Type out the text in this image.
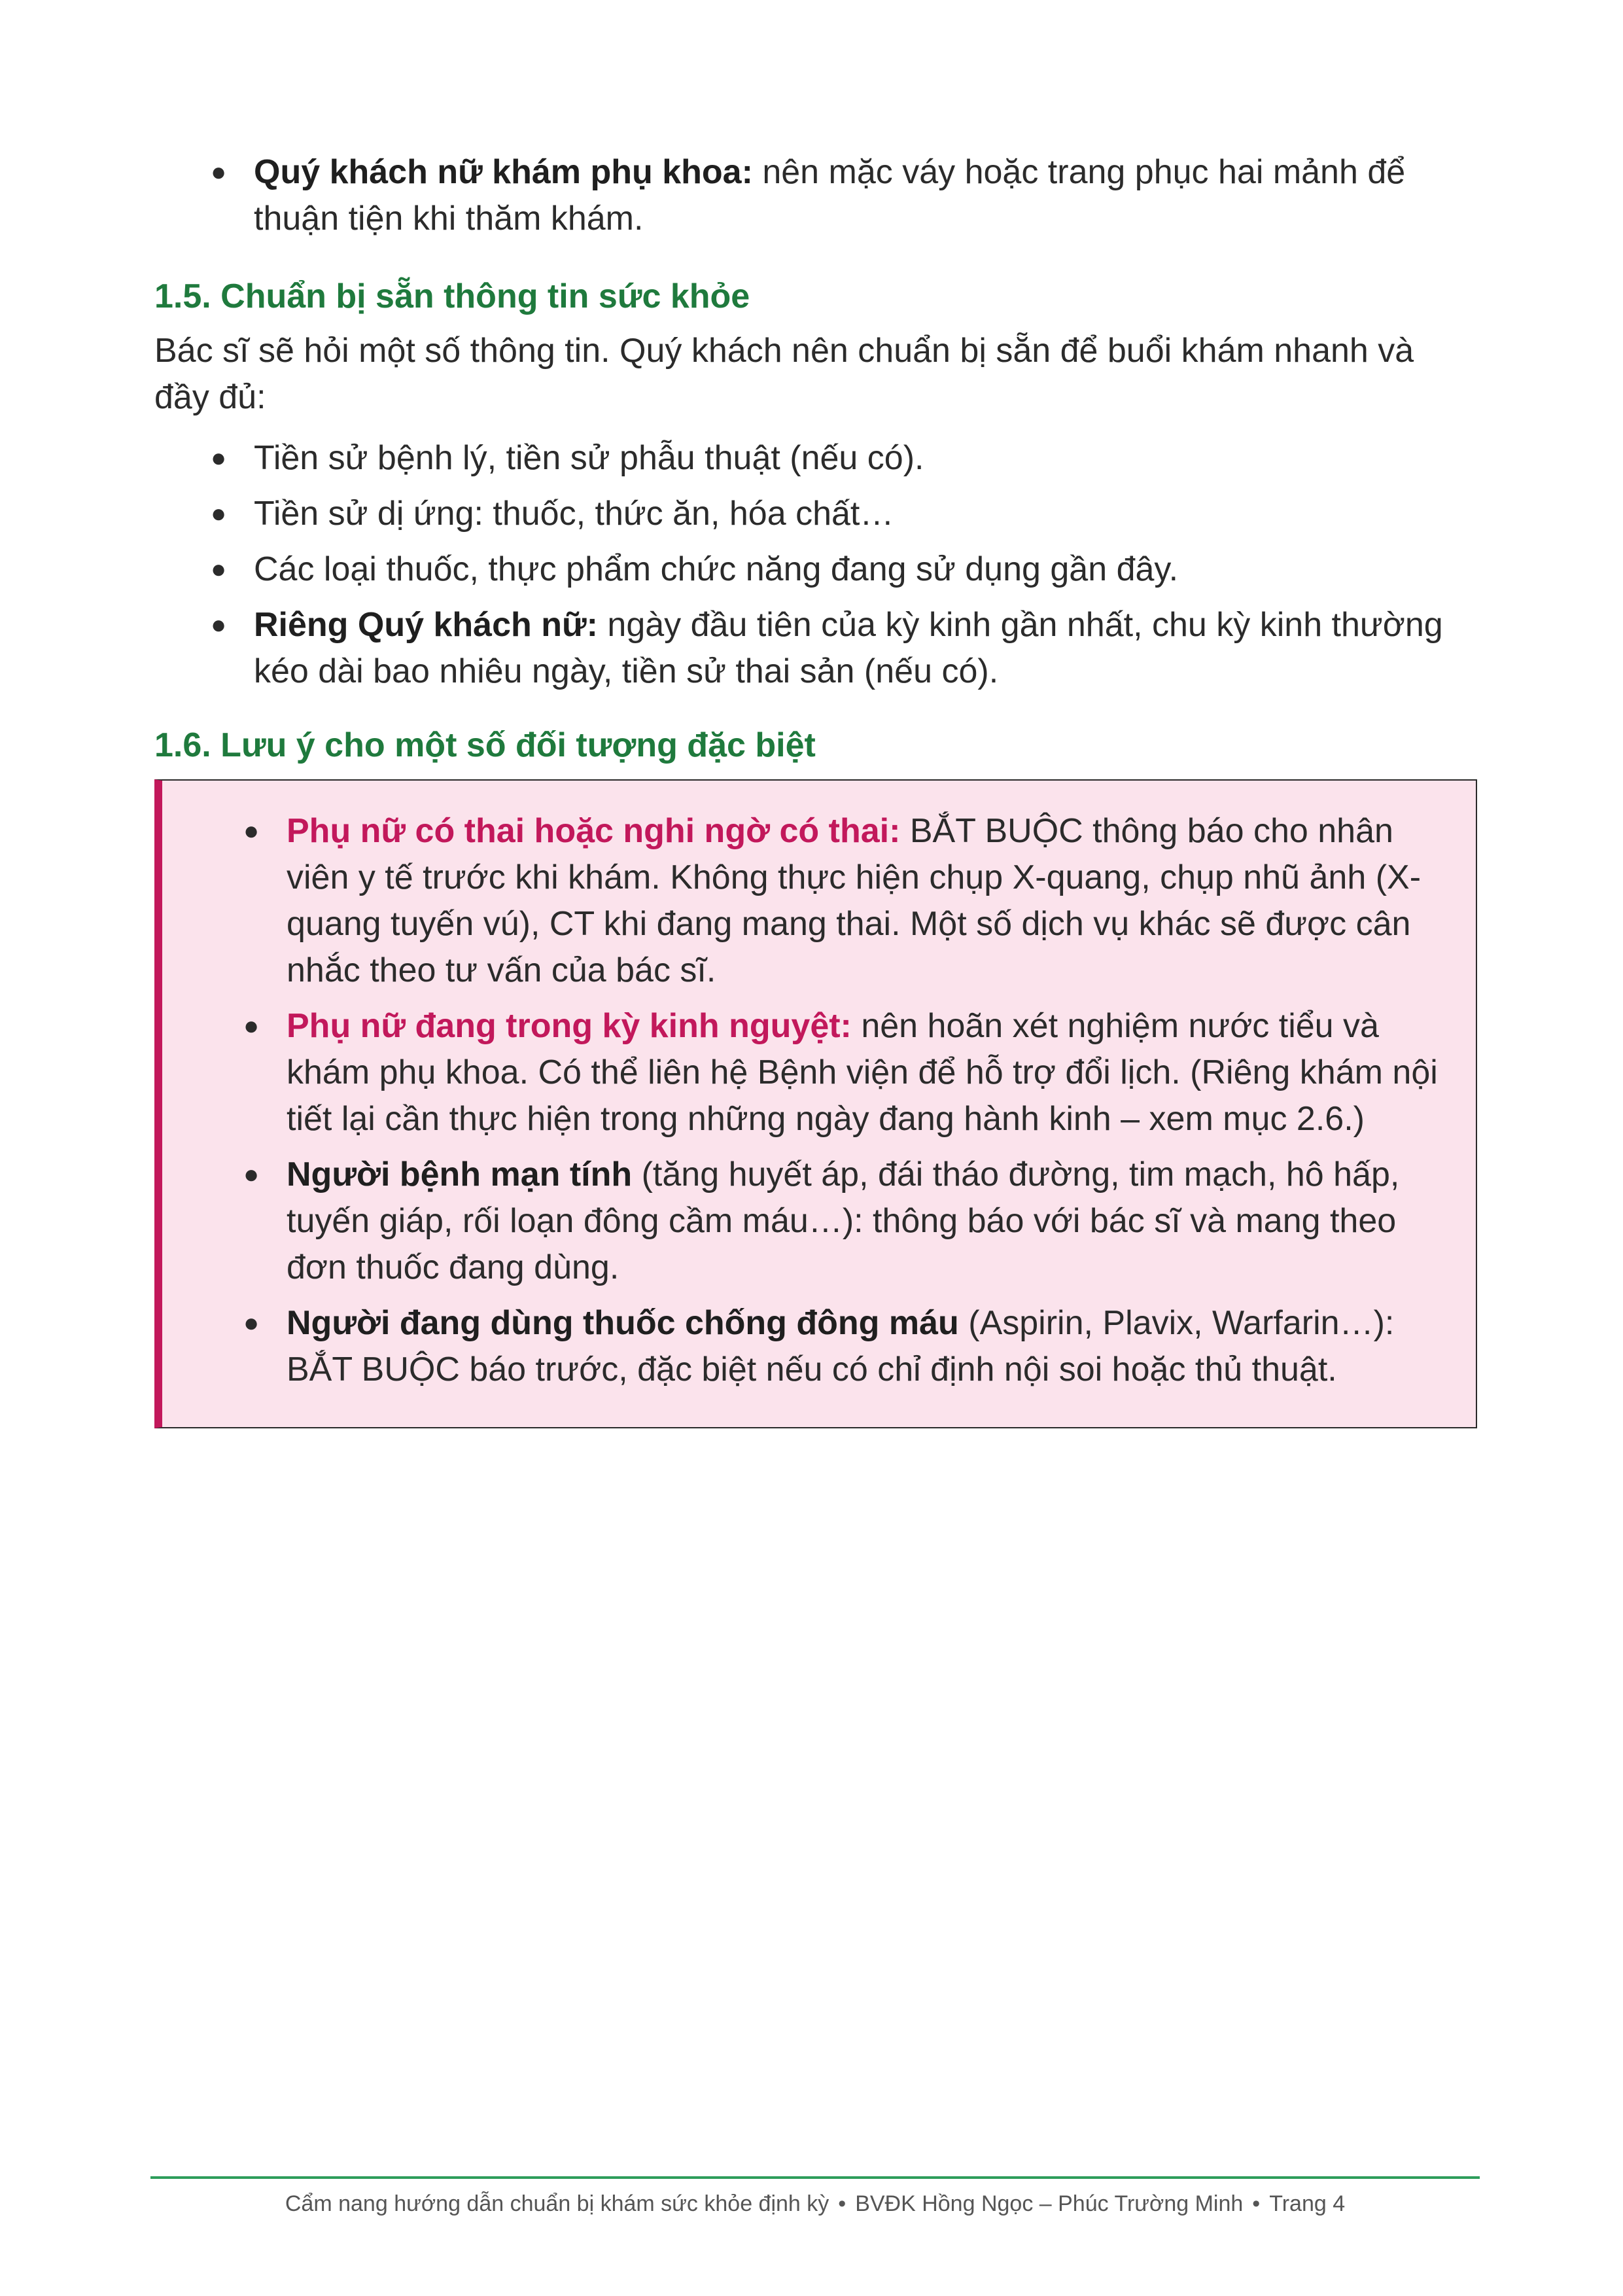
● Quý khách nữ khám phụ khoa: nên mặc váy hoặc trang phục hai mảnh để thuận tiện khi thăm khám.
1.5. Chuẩn bị sẵn thông tin sức khỏe

Bác sĩ sẽ hỏi một số thông tin. Quý khách nên chuẩn bị sẵn để buổi khám nhanh và đầy đủ:

● Tiền sử bệnh lý, tiền sử phẫu thuật (nếu có).
● Tiền sử dị ứng: thuốc, thức ăn, hóa chất…
● Các loại thuốc, thực phẩm chức năng đang sử dụng gần đây.
● Riêng Quý khách nữ: ngày đầu tiên của kỳ kinh gần nhất, chu kỳ kinh thường kéo dài bao nhiêu ngày, tiền sử thai sản (nếu có).
1.6. Lưu ý cho một số đối tượng đặc biệt
● Phụ nữ có thai hoặc nghi ngờ có thai: BẮT BUỘC thông báo cho nhân viên y tế trước khi khám. Không thực hiện chụp X-quang, chụp nhũ ảnh (X-quang tuyến vú), CT khi đang mang thai. Một số dịch vụ khác sẽ được cân nhắc theo tư vấn của bác sĩ.
● Phụ nữ đang trong kỳ kinh nguyệt: nên hoãn xét nghiệm nước tiểu và khám phụ khoa. Có thể liên hệ Bệnh viện để hỗ trợ đổi lịch. (Riêng khám nội tiết lại cần thực hiện trong những ngày đang hành kinh – xem mục 2.6.)
● Người bệnh mạn tính (tăng huyết áp, đái tháo đường, tim mạch, hô hấp, tuyến giáp, rối loạn đông cầm máu…): thông báo với bác sĩ và mang theo đơn thuốc đang dùng.
● Người đang dùng thuốc chống đông máu (Aspirin, Plavix, Warfarin…): BẮT BUỘC báo trước, đặc biệt nếu có chỉ định nội soi hoặc thủ thuật.
Cẩm nang hướng dẫn chuẩn bị khám sức khỏe định kỳ • BVĐK Hồng Ngọc – Phúc Trường Minh • Trang 4
